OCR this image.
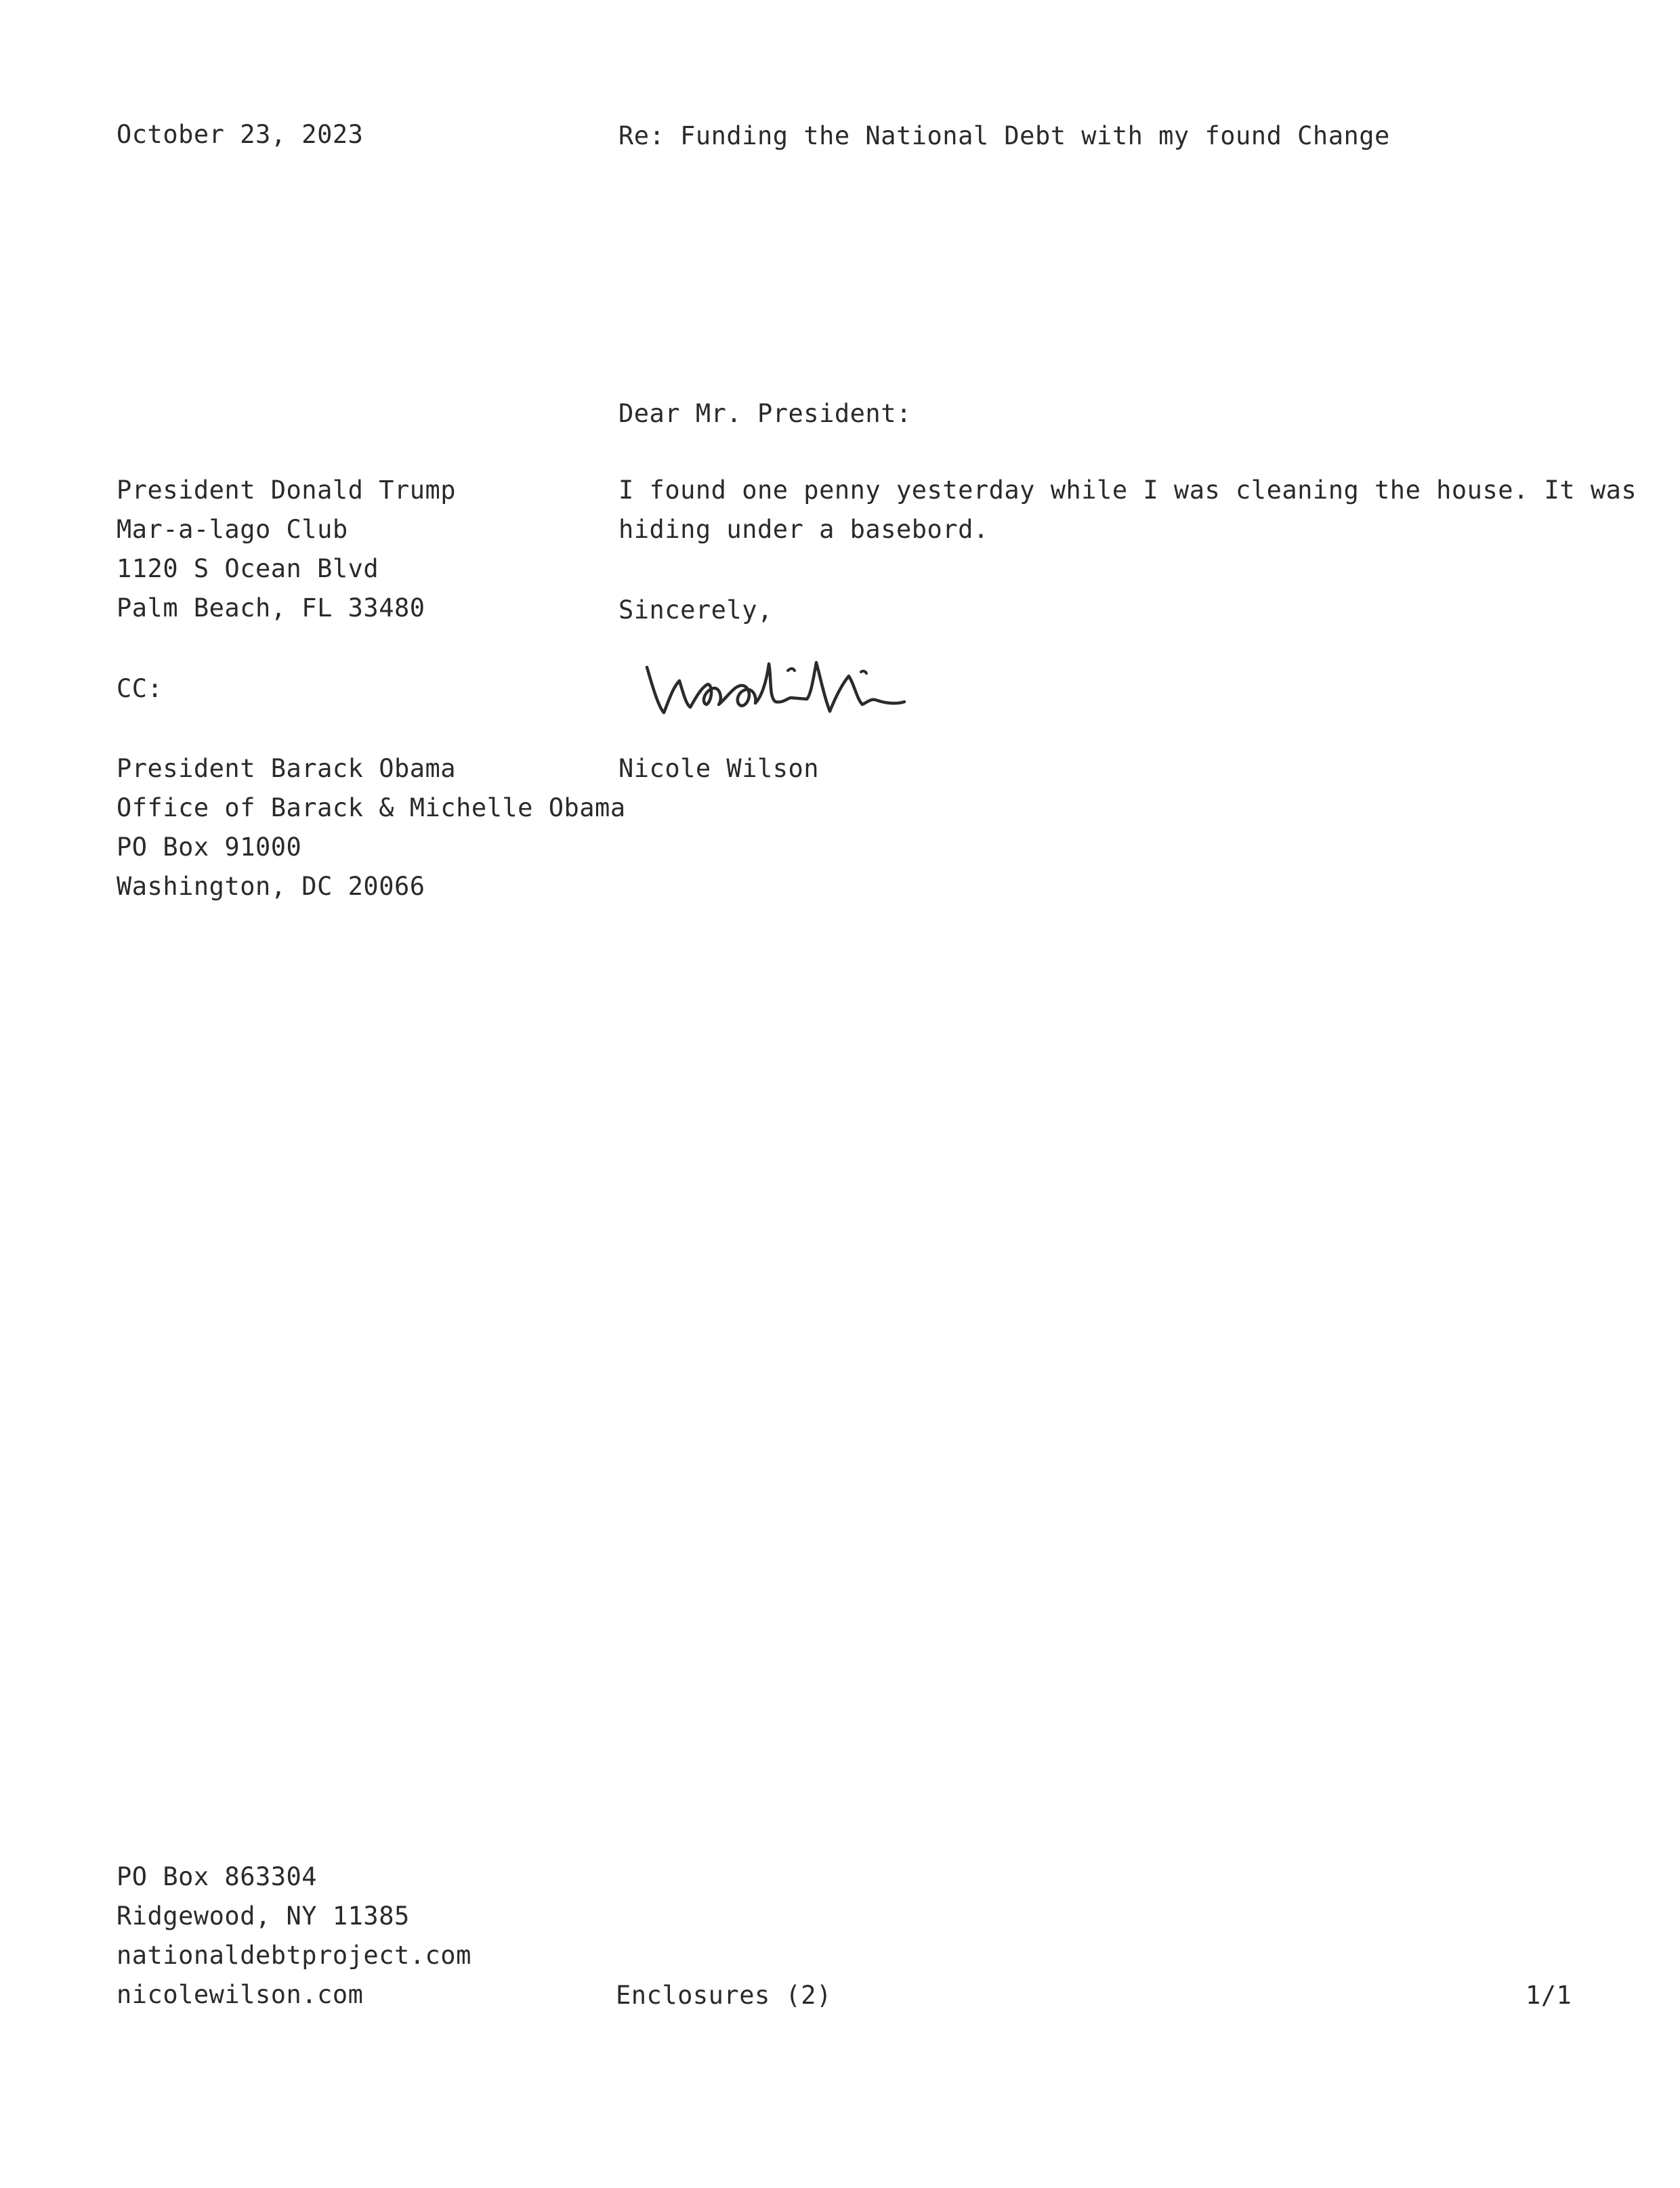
October 23, 2023	Re: Funding the National Debt with my found Change
Dear Mr. President:
President Donald Trump
Mar-a-lago Club
1120 S Ocean Blvd
Palm Beach, FL 33480
I found one penny yesterday while I was cleaning the house. It was
hiding under a basebord.
Sincerely,
CC:
President Barack Obama
Office of Barack & Michelle Obama
PO Box 91000
Washington, DC 20066
Nicole Wilson
PO Box 863304
Ridgewood, NY 11385
nationaldebtproject.com
nicolewilson.com	Enclosures (2)	1/1
